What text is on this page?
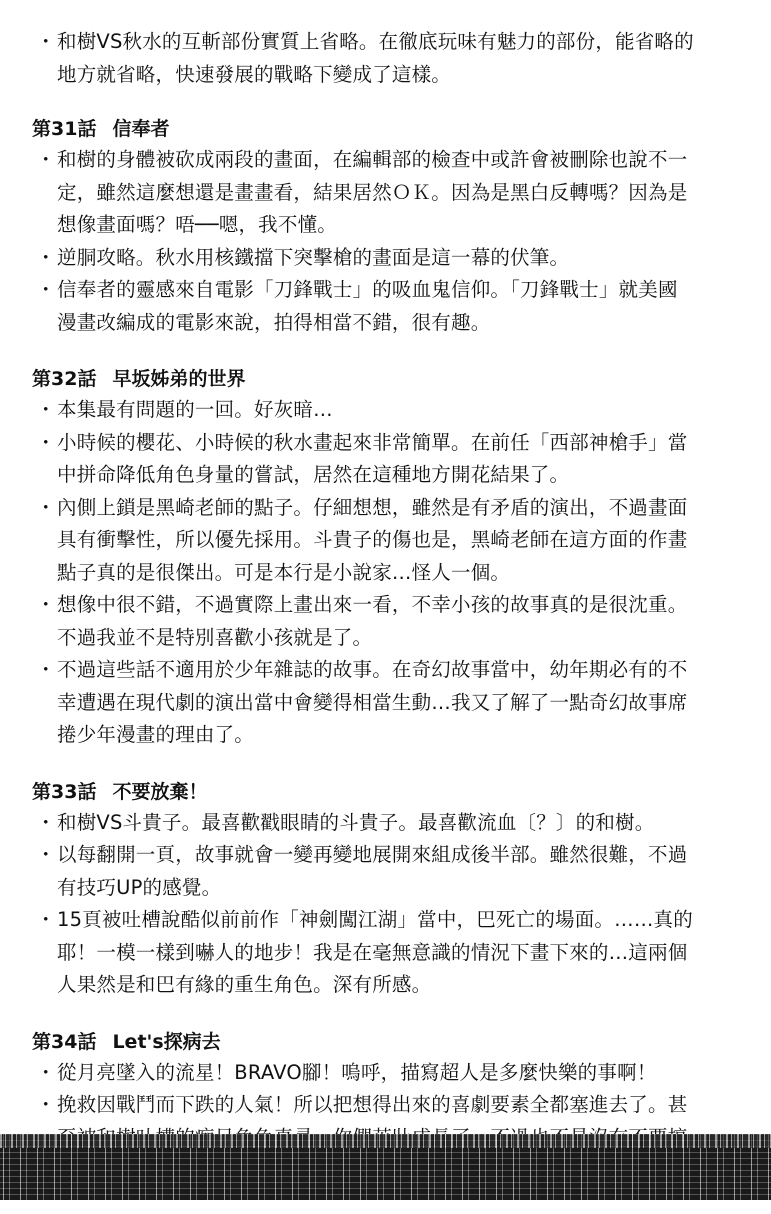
・ 和樹VS秋水的互斬部份實質上省略。在徹底玩味有魅力的部份，能省略的
地方就省略，快速發展的戰略下變成了這樣。
第31話 信奉者
・ 和樹的身體被砍成兩段的畫面，在編輯部的檢查中或許會被刪除也說不一
定，雖然這麼想還是畫畫看，結果居然ＯＫ。因為是黑白反轉嗎？因為是
想像畫面嗎？唔──嗯，我不懂。
・ 逆胴攻略。秋水用核鐵擋下突擊槍的畫面是這一幕的伏筆。
・ 信奉者的靈感來自電影「刀鋒戰士」的吸血鬼信仰。「刀鋒戰士」就美國
漫畫改編成的電影來說，拍得相當不錯，很有趣。
第32話 早坂姊弟的世界
・ 本集最有問題的一回。好灰暗…
・ 小時候的櫻花、小時候的秋水畫起來非常簡單。在前任「西部神槍手」當
中拼命降低角色身量的嘗試，居然在這種地方開花結果了。
・ 內側上鎖是黑崎老師的點子。仔細想想，雖然是有矛盾的演出，不過畫面
具有衝擊性，所以優先採用。斗貴子的傷也是，黑崎老師在這方面的作畫
點子真的是很傑出。可是本行是小說家…怪人一個。
・ 想像中很不錯，不過實際上畫出來一看，不幸小孩的故事真的是很沈重。
不過我並不是特別喜歡小孩就是了。
・ 不過這些話不適用於少年雜誌的故事。在奇幻故事當中，幼年期必有的不
幸遭遇在現代劇的演出當中會變得相當生動…我又了解了一點奇幻故事席
捲少年漫畫的理由了。
第33話 不要放棄！
・ 和樹VS斗貴子。最喜歡戳眼睛的斗貴子。最喜歡流血〔？〕的和樹。
・ 以每翻開一頁，故事就會一變再變地展開來組成後半部。雖然很難，不過
有技巧UP的感覺。
・ 15頁被吐槽說酷似前前作「神劍闖江湖」當中，巴死亡的場面。……真的
耶！一模一樣到嚇人的地步！我是在毫無意識的情況下畫下來的…這兩個
人果然是和巴有緣的重生角色。深有所感。
第34話 Let's探病去
・ 從月亮墜入的流星！BRAVO腳！嗚呼，描寫超人是多麼快樂的事啊！
・ 挽救因戰鬥而下跌的人氣！所以把想得出來的喜劇要素全都塞進去了。甚
